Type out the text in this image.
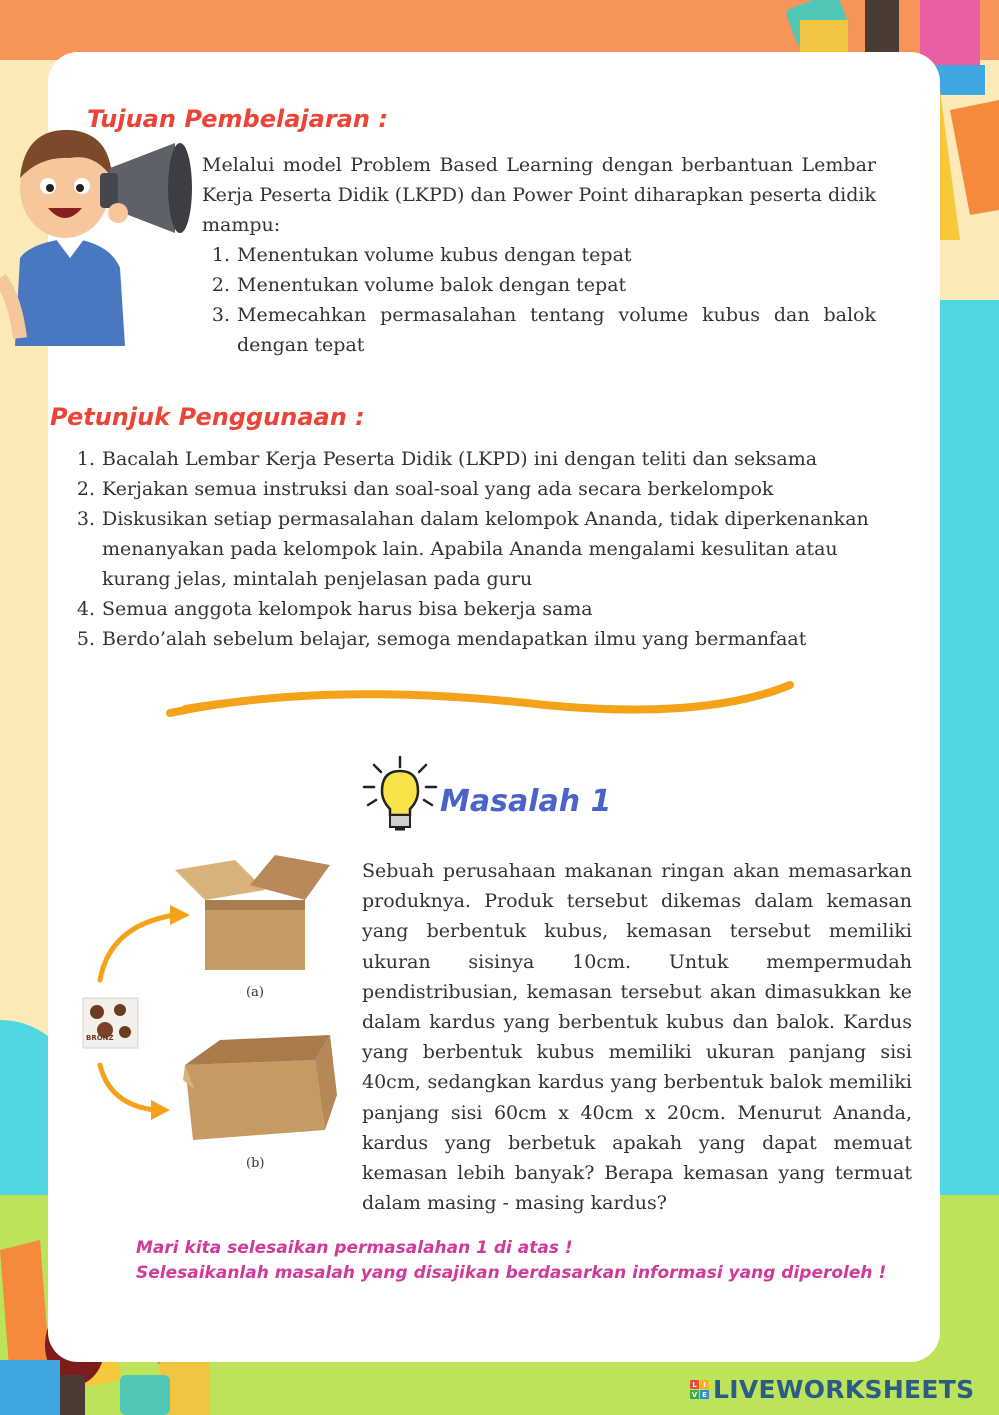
Tujuan Pembelajaran :

Melalui model Problem Based Learning dengan berbantuan Lembar Kerja Peserta Didik (LKPD) dan Power Point diharapkan peserta didik mampu:

1. Menentukan volume kubus dengan tepat
2. Menentukan volume balok dengan tepat
3. Memecahkan permasalahan tentang volume kubus dan balok dengan tepat
Petunjuk Penggunaan :
1. Bacalah Lembar Kerja Peserta Didik (LKPD) ini dengan teliti dan seksama
2. Kerjakan semua instruksi dan soal-soal yang ada secara berkelompok
3. Diskusikan setiap permasalahan dalam kelompok Ananda, tidak diperkenankan menanyakan pada kelompok lain. Apabila Ananda mengalami kesulitan atau kurang jelas, mintalah penjelasan pada guru
4. Semua anggota kelompok harus bisa bekerja sama
5. Berdo’alah sebelum belajar, semoga mendapatkan ilmu yang bermanfaat
Masalah 1
(a)
(b)
BRONZ

Sebuah perusahaan makanan ringan akan memasarkan produknya. Produk tersebut dikemas dalam kemasan yang berbentuk kubus, kemasan tersebut memiliki ukuran sisinya 10cm. Untuk mempermudah pendistribusian, kemasan tersebut akan dimasukkan ke dalam kardus yang berbentuk kubus dan balok. Kardus yang berbentuk kubus memiliki ukuran panjang sisi 40cm, sedangkan kardus yang berbentuk balok memiliki panjang sisi 60cm x 40cm x 20cm. Menurut Ananda, kardus yang berbetuk apakah yang dapat memuat kemasan lebih banyak? Berapa kemasan yang termuat dalam masing - masing kardus?

Mari kita selesaikan permasalahan 1 di atas !
Selesaikanlah masalah yang disajikan berdasarkan informasi yang diperoleh !
L I
V E LIVEWORKSHEETS
